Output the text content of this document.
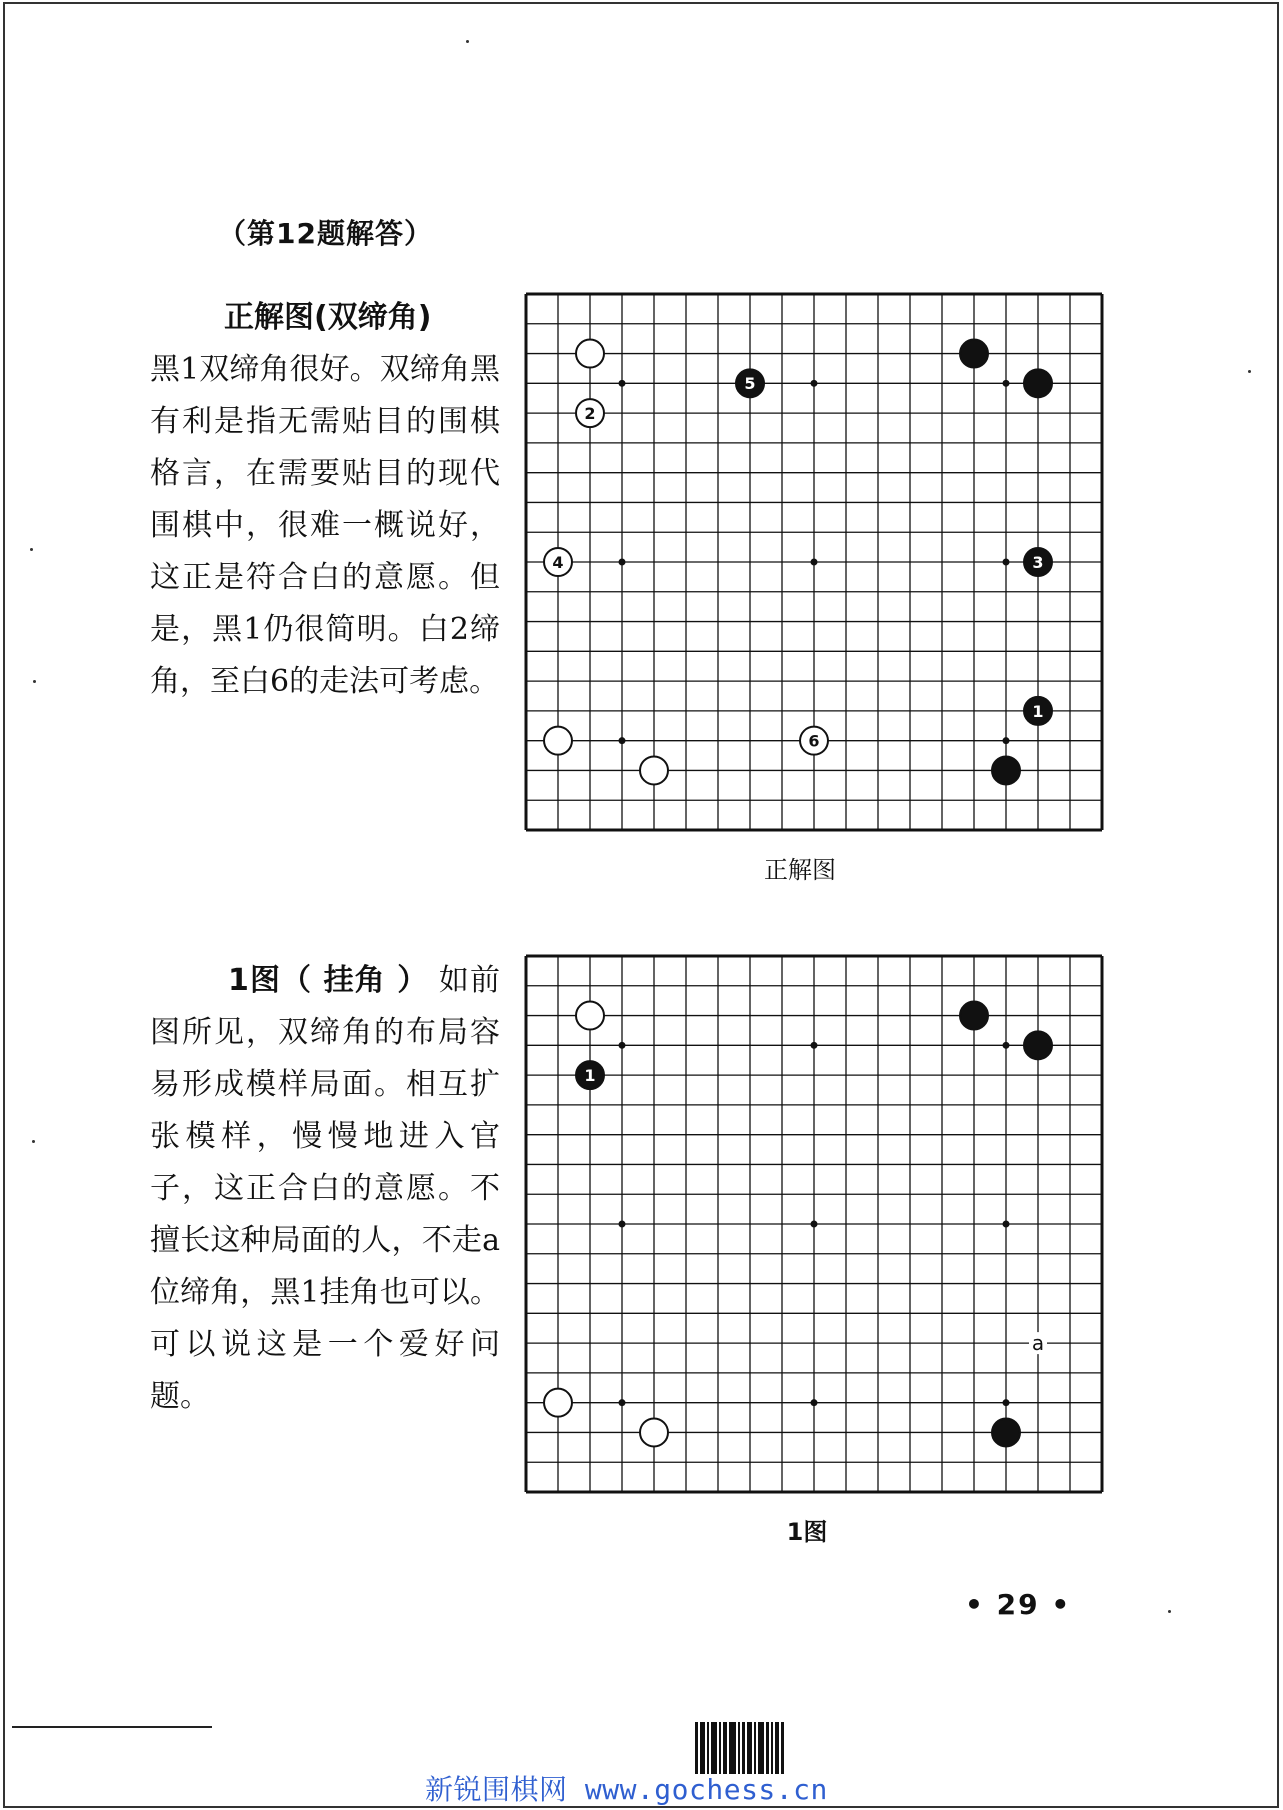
（第12题解答）
正解图(双缔角)
黑1双缔角很好。双缔角黑有利是指无需贴目的围棋格言，在需要贴目的现代围棋中，很难一概说好，这正是符合白的意愿。但是，黑1仍很简明。白2缔角，至白6的走法可考虑。
2
5
4	3
1
6
正解图
1图（ 挂角 ） 如前图所见，双缔角的布局容易形成模样局面。相互扩张模样，慢慢地进入官子，这正合白的意愿。不擅长这种局面的人，不走a位缔角，黑1挂角也可以。可以说这是一个爱好问题。
1
a
1图
• 29 •
新锐围棋网 www.gochess.cn
